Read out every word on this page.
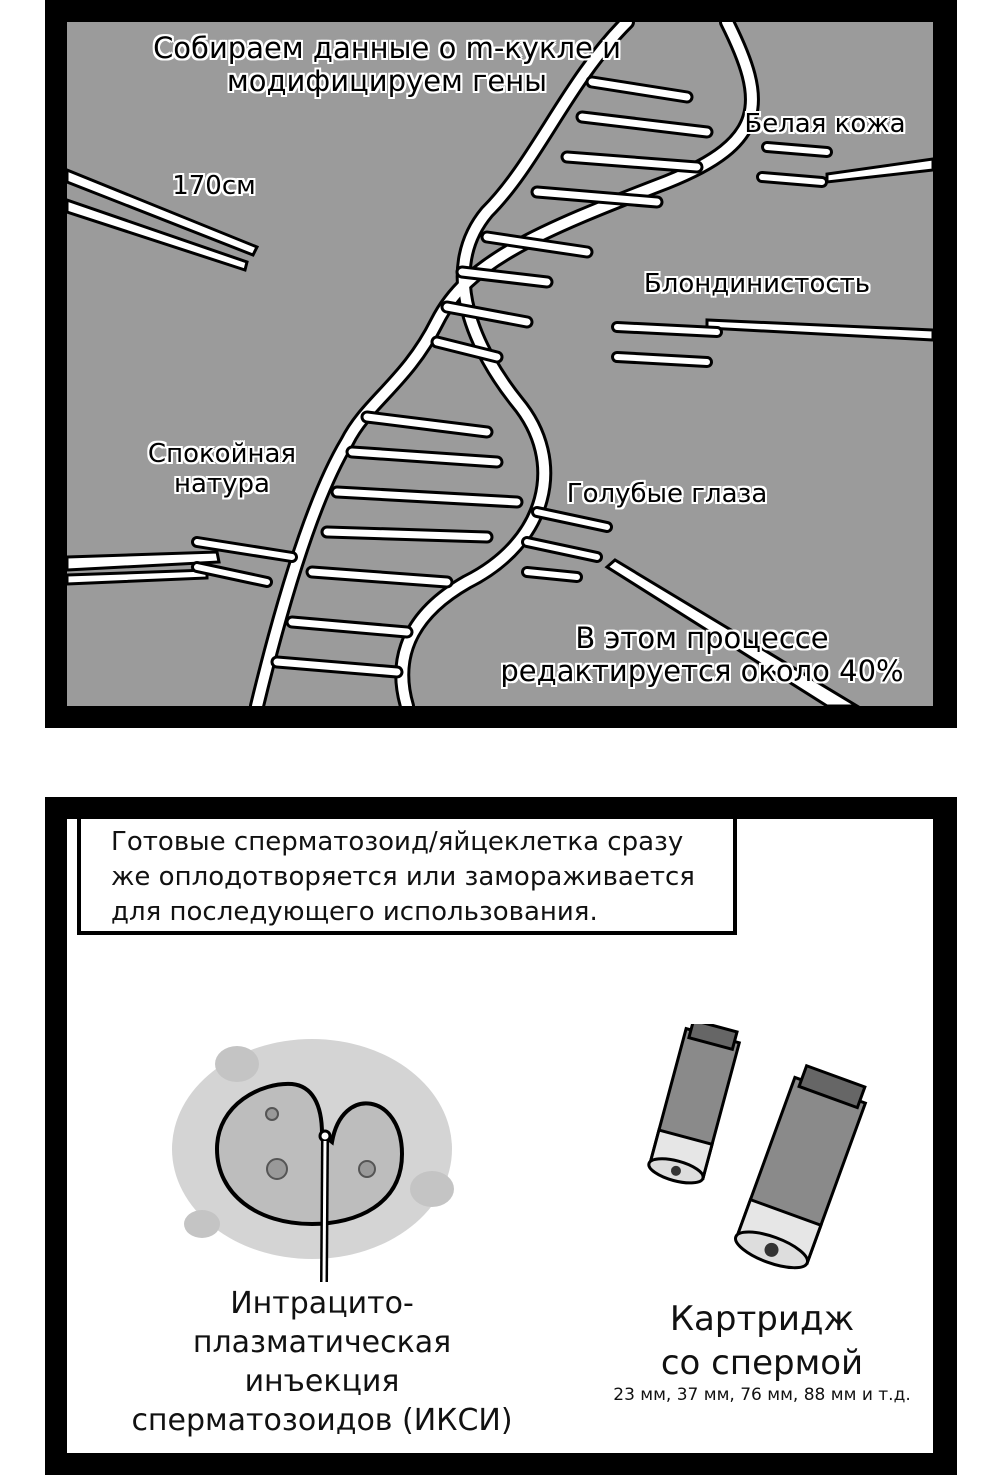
Собираем данные о m-кукле и
модифицируем гены
170см
Белая кожа
Блондинистость
Спокойная
натура	Голубые глаза
В этом процессе
редактируется около 40%
Готовые сперматозоид/яйцеклетка сразу
же оплодотворяется или замораживается
для последующего использования.
Интрацито-
плазматическая инъекция
сперматозоидов (ИКСИ)
Картридж
со спермой
23 мм, 37 мм, 76 мм, 88 мм и т.д.
